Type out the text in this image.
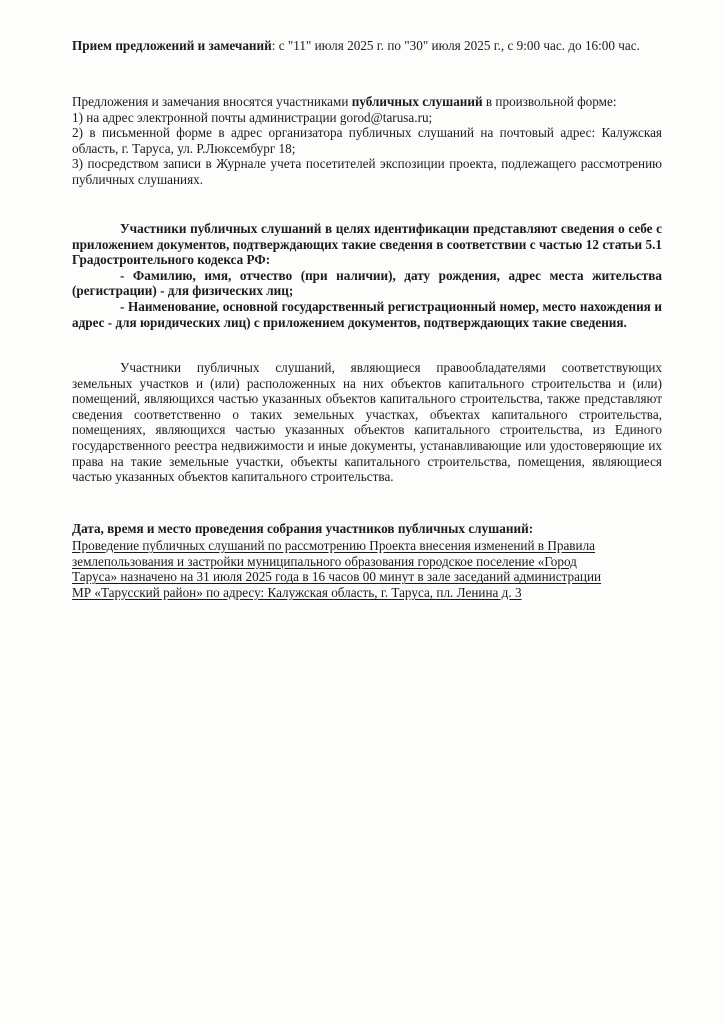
Прием предложений и замечаний: с "11" июля 2025 г. по "30" июля 2025 г., с 9:00 час. до 16:00 час.
Предложения и замечания вносятся участниками публичных слушаний в произвольной форме:
1) на адрес электронной почты администрации gorod@tarusa.ru;
2) в письменной форме в адрес организатора публичных слушаний на почтовый адрес: Калужская область, г. Таруса, ул. Р.Люксембург 18;
3) посредством записи в Журнале учета посетителей экспозиции проекта, подлежащего рассмотрению публичных слушаниях.
Участники публичных слушаний в целях идентификации представляют сведения о себе с приложением документов, подтверждающих такие сведения в соответствии с частью 12 статьи 5.1 Градостроительного кодекса РФ:
- Фамилию, имя, отчество (при наличии), дату рождения, адрес места жительства (регистрации) - для физических лиц;
- Наименование, основной государственный регистрационный номер, место нахождения и адрес - для юридических лиц) с приложением документов, подтверждающих такие сведения.
Участники публичных слушаний, являющиеся правообладателями соответствующих земельных участков и (или) расположенных на них объектов капитального строительства и (или) помещений, являющихся частью указанных объектов капитального строительства, также представляют сведения соответственно о таких земельных участках, объектах капитального строительства, помещениях, являющихся частью указанных объектов капитального строительства, из Единого государственного реестра недвижимости и иные документы, устанавливающие или удостоверяющие их права на такие земельные участки, объекты капитального строительства, помещения, являющиеся частью указанных объектов капитального строительства.
Дата, время и место проведения собрания участников публичных слушаний:
Проведение публичных слушаний по рассмотрению Проекта внесения изменений в Правила
землепользования и застройки муниципального образования городское поселение «Город
Таруса» назначено на 31 июля 2025 года в 16 часов 00 минут в зале заседаний администрации
МР «Тарусский район» по адресу: Калужская область, г. Таруса, пл. Ленина д. 3
